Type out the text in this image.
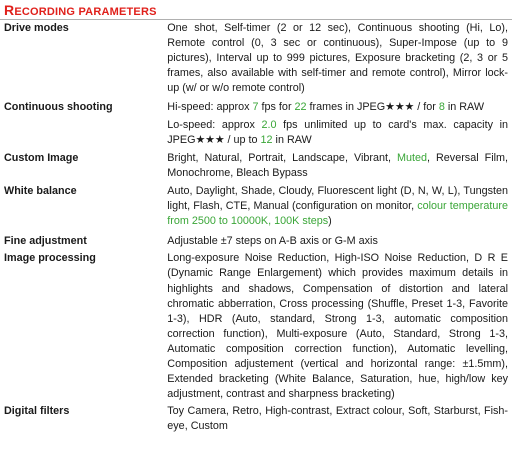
RECORDING PARAMETERS
Drive modes	One shot, Self-timer (2 or 12 sec), Continuous shooting (Hi, Lo), Remote control (0, 3 sec or continuous), Super-Impose (up to 9 pictures), Interval up to 999 pictures, Exposure bracketing (2, 3 or 5 frames, also available with self-timer and remote control), Mirror lock-up (w/ or w/o remote control)

Continuous shooting	Hi-speed: approx 7 fps for 22 frames in JPEG★★★ / for 8 in RAW
Lo-speed: approx 2.0 fps unlimited up to card's max. capacity in JPEG★★★ / up to 12 in RAW

Custom Image	Bright, Natural, Portrait, Landscape, Vibrant, Muted, Reversal Film, Monochrome, Bleach Bypass

White balance	Auto, Daylight, Shade, Cloudy, Fluorescent light (D, N, W, L), Tungsten light, Flash, CTE, Manual (configuration on monitor, colour temperature from 2500 to 10000K, 100K steps)

Fine adjustment	Adjustable ±7 steps on A-B axis or G-M axis

Image processing	Long-exposure Noise Reduction, High-ISO Noise Reduction, D R E (Dynamic Range Enlargement) which provides maximum details in highlights and shadows, Compensation of distortion and lateral chromatic abberration, Cross processing (Shuffle, Preset 1-3, Favorite 1-3), HDR (Auto, standard, Strong 1-3, automatic composition correction function), Multi-exposure (Auto, Standard, Strong 1-3, Automatic composition correction function), Automatic levelling, Composition adjustement (vertical and horizontal range: ±1.5mm), Extended bracketing (White Balance, Saturation, hue, high/low key adjustment, contrast and sharpness bracketing)

Digital filters	Toy Camera, Retro, High-contrast, Extract colour, Soft, Starburst, Fish-eye, Custom
